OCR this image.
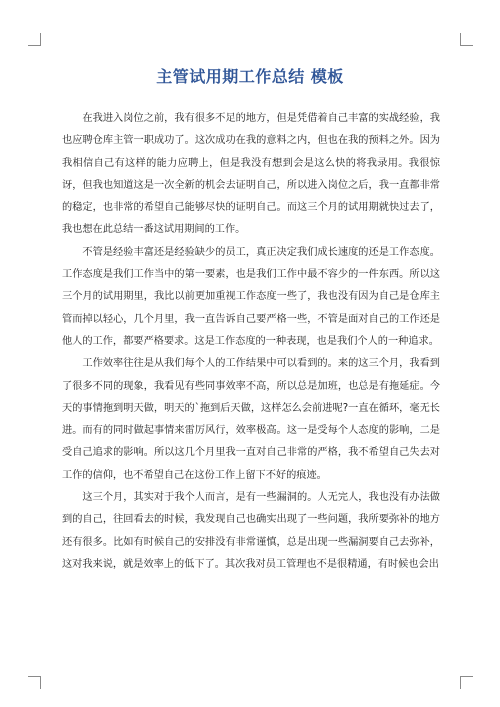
主管试用期工作总结 模板

在我进入岗位之前，我有很多不足的地方，但是凭借着自己丰富的实战经验，我也应聘仓库主管一职成功了。这次成功在我的意料之内，但也在我的预料之外。因为我相信自己有这样的能力应聘上，但是我没有想到会是这么快的将我录用。我很惊讶，但我也知道这是一次全新的机会去证明自己，所以进入岗位之后，我一直都非常的稳定，也非常的希望自己能够尽快的证明自己。而这三个月的试用期就快过去了，我也想在此总结一番这试用期间的工作。

不管是经验丰富还是经验缺少的员工，真正决定我们成长速度的还是工作态度。工作态度是我们工作当中的第一要素，也是我们工作中最不容少的一件东西。所以这三个月的试用期里，我比以前更加重视工作态度一些了，我也没有因为自己是仓库主管而掉以轻心，几个月里，我一直告诉自己要严格一些，不管是面对自己的工作还是他人的工作，都要严格要求。这是工作态度的一种表现，也是我们个人的一种追求。

工作效率往往是从我们每个人的工作结果中可以看到的。来的这三个月，我看到了很多不同的现象，我看见有些同事效率不高，所以总是加班，也总是有拖延症。今天的事情拖到明天做，明天的`拖到后天做，这样怎么会前进呢?一直在循环，毫无长进。而有的同时做起事情来雷厉风行，效率极高。这一是受每个人态度的影响，二是受自己追求的影响。所以这几个月里我一直对自己非常的严格，我不希望自己失去对工作的信仰，也不希望自己在这份工作上留下不好的痕迹。

这三个月，其实对于我个人而言，是有一些漏洞的。人无完人，我也没有办法做到的自己，往回看去的时候，我发现自己也确实出现了一些问题，我所要弥补的地方还有很多。比如有时候自己的安排没有非常谨慎，总是出现一些漏洞要自己去弥补，这对我来说，就是效率上的低下了。其次我对员工管理也不是很精通，有时候也会出
